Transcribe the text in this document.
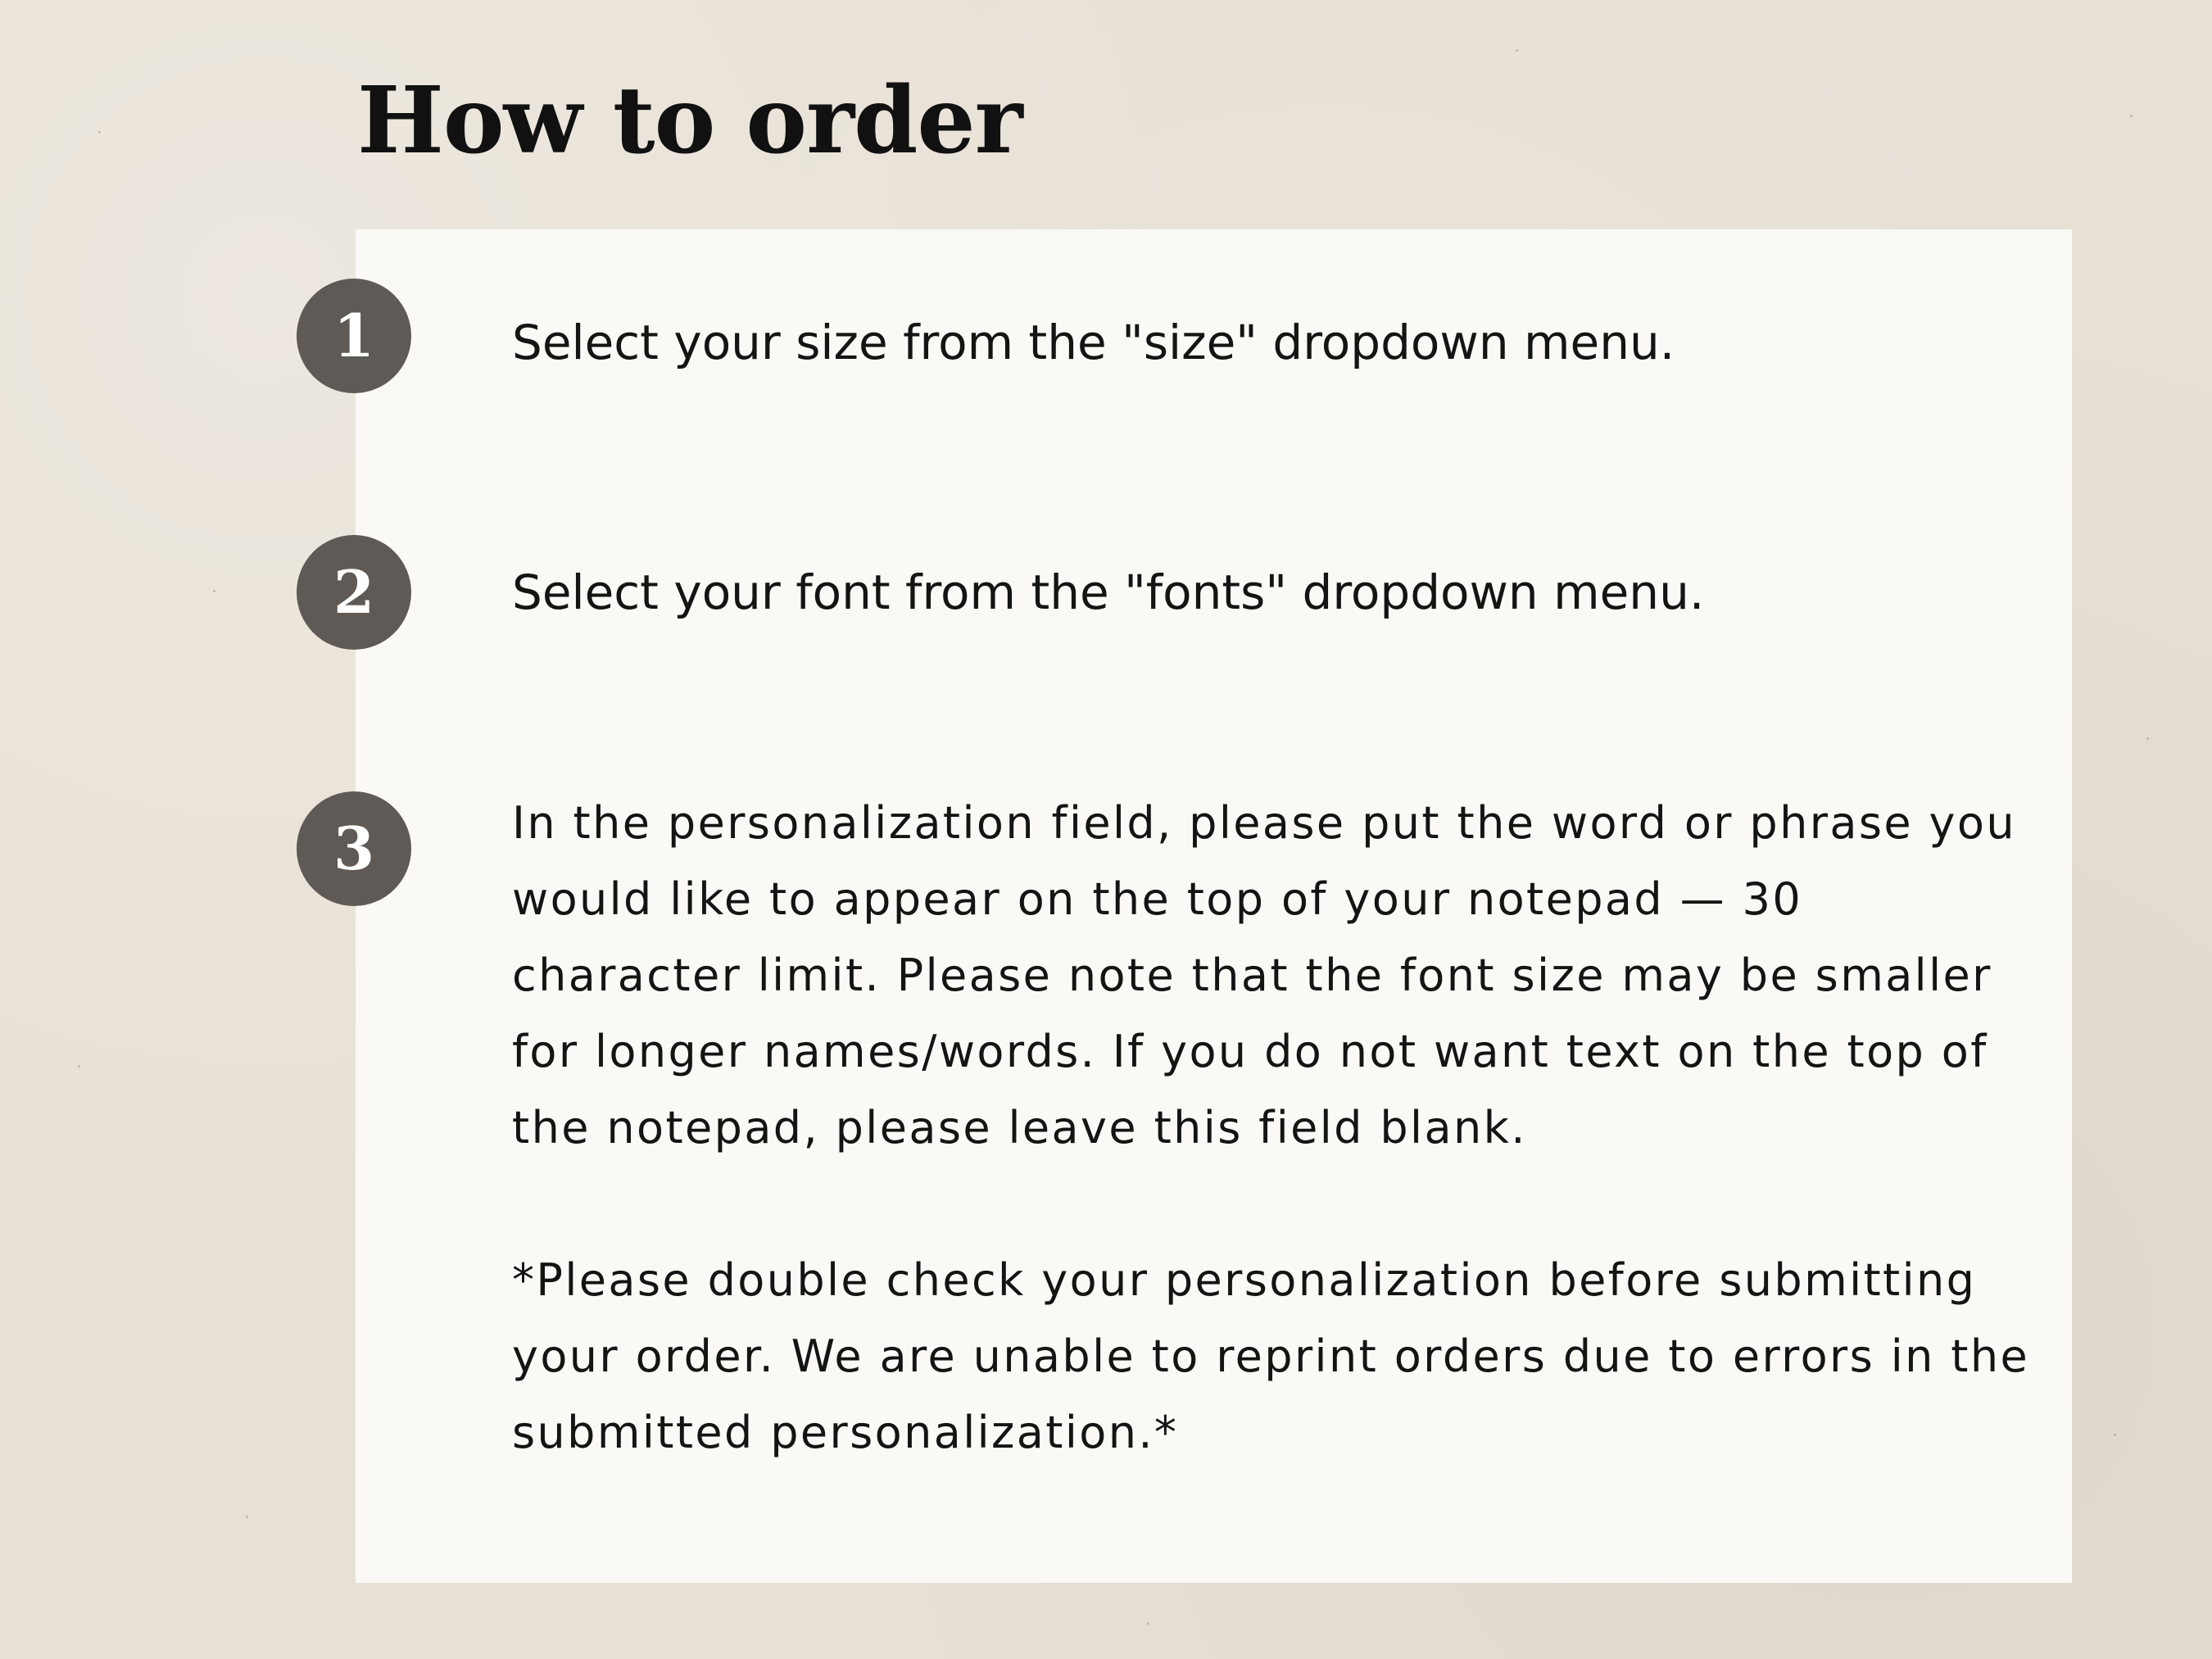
How to order
1	Select your size from the "size" dropdown menu.

2	Select your font from the "fonts" dropdown menu.

3	In the personalization field, please put the word or phrase you would like to appear on the top of your notepad — 30 character limit. Please note that the font size may be smaller for longer names/words. If you do not want text on the top of the notepad, please leave this field blank.

*Please double check your personalization before submitting your order. We are unable to reprint orders due to errors in the submitted personalization.*
